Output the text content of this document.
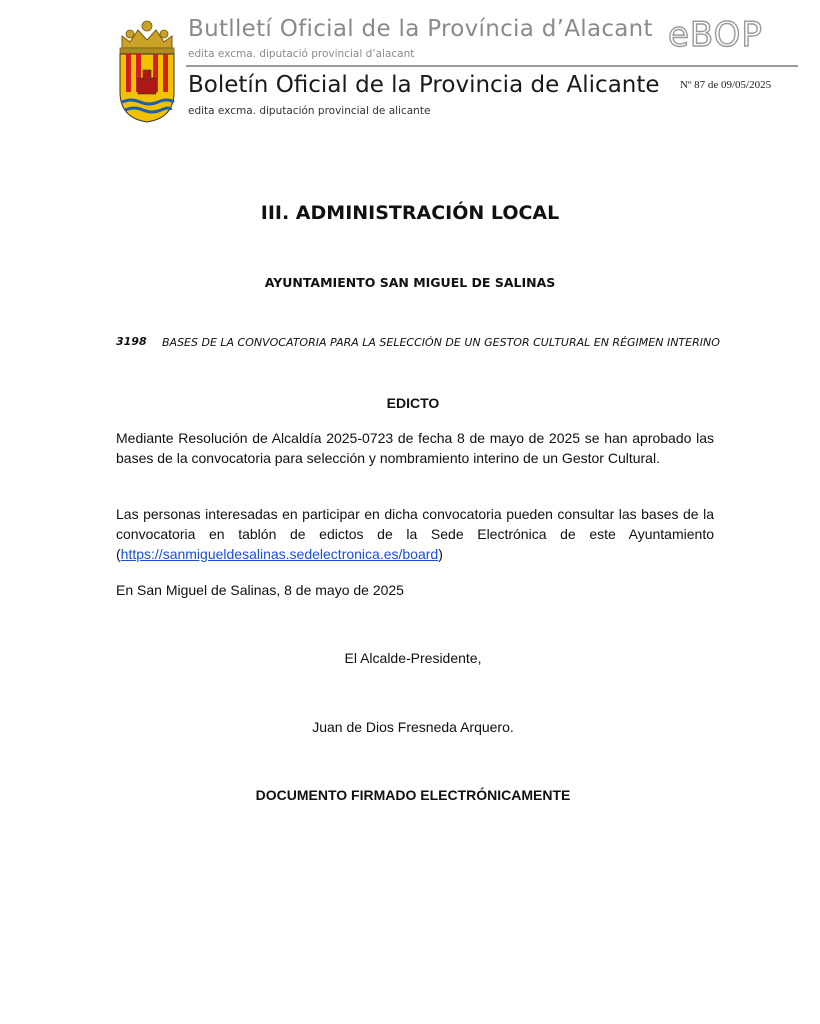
Butlletí Oficial de la Província d’Alacant
edita excma. diputació provincial d’alacant
Boletín Oficial de la Provincia de Alicante
edita excma. diputación provincial de alicante
eBOP
Nº 87 de 09/05/2025
III. ADMINISTRACIÓN LOCAL
AYUNTAMIENTO SAN MIGUEL DE SALINAS
3198 BASES DE LA CONVOCATORIA PARA LA SELECCIÓN DE UN GESTOR CULTURAL EN RÉGIMEN INTERINO
EDICTO
Mediante Resolución de Alcaldía 2025-0723 de fecha 8 de mayo de 2025 se han aprobado las bases de la convocatoria para selección y nombramiento interino de un Gestor Cultural.
Las personas interesadas en participar en dicha convocatoria pueden consultar las bases de la convocatoria en tablón de edictos de la Sede Electrónica de este Ayuntamiento (https://sanmigueldesalinas.sedelectronica.es/board)
En San Miguel de Salinas, 8 de mayo de 2025
El Alcalde-Presidente,
Juan de Dios Fresneda Arquero.
DOCUMENTO FIRMADO ELECTRÓNICAMENTE
